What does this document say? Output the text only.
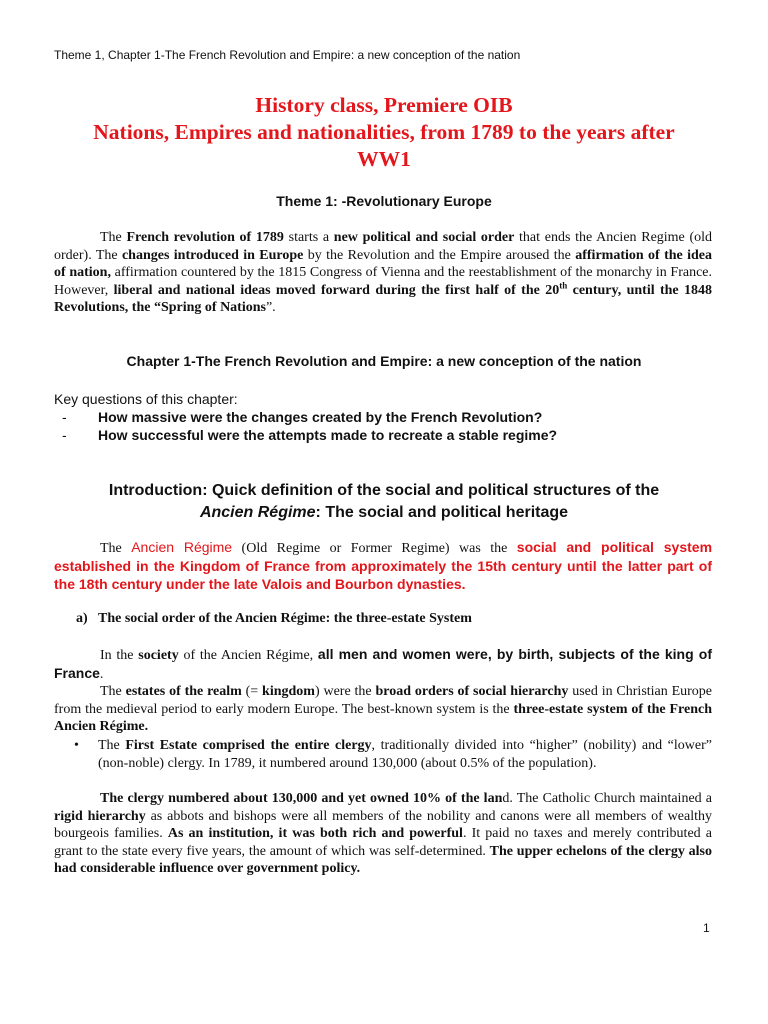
Theme 1, Chapter 1-The French Revolution and Empire: a new conception of the nation
History class, Premiere OIB
Nations, Empires and nationalities, from 1789 to the years after WW1
Theme 1: -Revolutionary Europe
The French revolution of 1789 starts a new political and social order that ends the Ancien Regime (old order). The changes introduced in Europe by the Revolution and the Empire aroused the affirmation of the idea of nation, affirmation countered by the 1815 Congress of Vienna and the reestablishment of the monarchy in France. However, liberal and national ideas moved forward during the first half of the 20th century, until the 1848 Revolutions, the “Spring of Nations”.
Chapter 1-The French Revolution and Empire: a new conception of the nation
Key questions of this chapter:
-	How massive were the changes created by the French Revolution?
-	How successful were the attempts made to recreate a stable regime?
Introduction: Quick definition of the social and political structures of the
Ancien Régime: The social and political heritage
The Ancien Régime (Old Regime or Former Regime) was the social and political system established in the Kingdom of France from approximately the 15th century until the latter part of the 18th century under the late Valois and Bourbon dynasties.
a) The social order of the Ancien Régime: the three-estate System
In the society of the Ancien Régime, all men and women were, by birth, subjects of the king of France.
The estates of the realm (= kingdom) were the broad orders of social hierarchy used in Christian Europe from the medieval period to early modern Europe. The best-known system is the three-estate system of the French Ancien Régime.
• The First Estate comprised the entire clergy, traditionally divided into “higher” (nobility) and “lower” (non-noble) clergy. In 1789, it numbered around 130,000 (about 0.5% of the population).
The clergy numbered about 130,000 and yet owned 10% of the land. The Catholic Church maintained a rigid hierarchy as abbots and bishops were all members of the nobility and canons were all members of wealthy bourgeois families. As an institution, it was both rich and powerful. It paid no taxes and merely contributed a grant to the state every five years, the amount of which was self-determined. The upper echelons of the clergy also had considerable influence over government policy.
1
